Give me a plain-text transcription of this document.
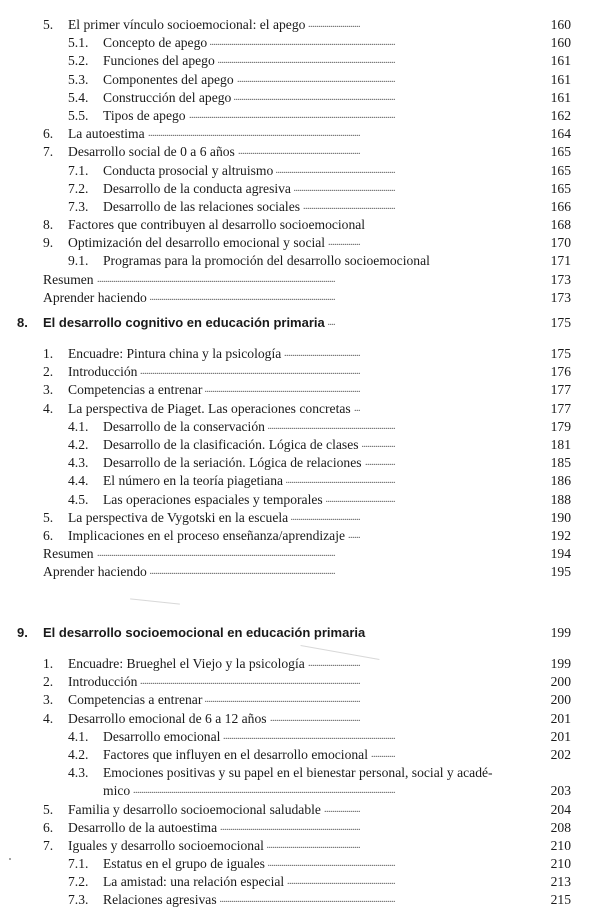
5. El primer vínculo socioemocional: el apego . . .	160
5.1. Concepto de apego . . .	160
5.2. Funciones del apego . . .	161
5.3. Componentes del apego . . .	161
5.4. Construcción del apego . . .	161
5.5. Tipos de apego . . .	162
6. La autoestima . . .	164
7. Desarrollo social de 0 a 6 años . . .	165
7.1. Conducta prosocial y altruismo . . .	165
7.2. Desarrollo de la conducta agresiva . . .	165
7.3. Desarrollo de las relaciones sociales . . .	166
8. Factores que contribuyen al desarrollo socioemocional . . .	168
9. Optimización del desarrollo emocional y social . . .	170
9.1. Programas para la promoción del desarrollo socioemocional . . .	171
Resumen . . .	173
Aprender haciendo . . .	173
8. El desarrollo cognitivo en educación primaria . . .	175
1. Encuadre: Pintura china y la psicología . . .	175
2. Introducción . . .	176
3. Competencias a entrenar . . .	177
4. La perspectiva de Piaget. Las operaciones concretas . . .	177
4.1. Desarrollo de la conservación . . .	179
4.2. Desarrollo de la clasificación. Lógica de clases . . .	181
4.3. Desarrollo de la seriación. Lógica de relaciones . . .	185
4.4. El número en la teoría piagetiana . . .	186
4.5. Las operaciones espaciales y temporales . . .	188
5. La perspectiva de Vygotski en la escuela . . .	190
6. Implicaciones en el proceso enseñanza/aprendizaje . . .	192
Resumen . . .	194
Aprender haciendo . . .	195
9. El desarrollo socioemocional en educación primaria . . .	199
1. Encuadre: Brueghel el Viejo y la psicología . . .	199
2. Introducción . . .	200
3. Competencias a entrenar . . .	200
4. Desarrollo emocional de 6 a 12 años . . .	201
4.1. Desarrollo emocional . . .	201
4.2. Factores que influyen en el desarrollo emocional . . .	202
4.3. Emociones positivas y su papel en el bienestar personal, social y acadé-
mico . . .	203
5. Familia y desarrollo socioemocional saludable . . .	204
6. Desarrollo de la autoestima . . .	208
7. Iguales y desarrollo socioemocional . . .	210
7.1. Estatus en el grupo de iguales . . .	210
7.2. La amistad: una relación especial . . .	213
7.3. Relaciones agresivas . . .	215
